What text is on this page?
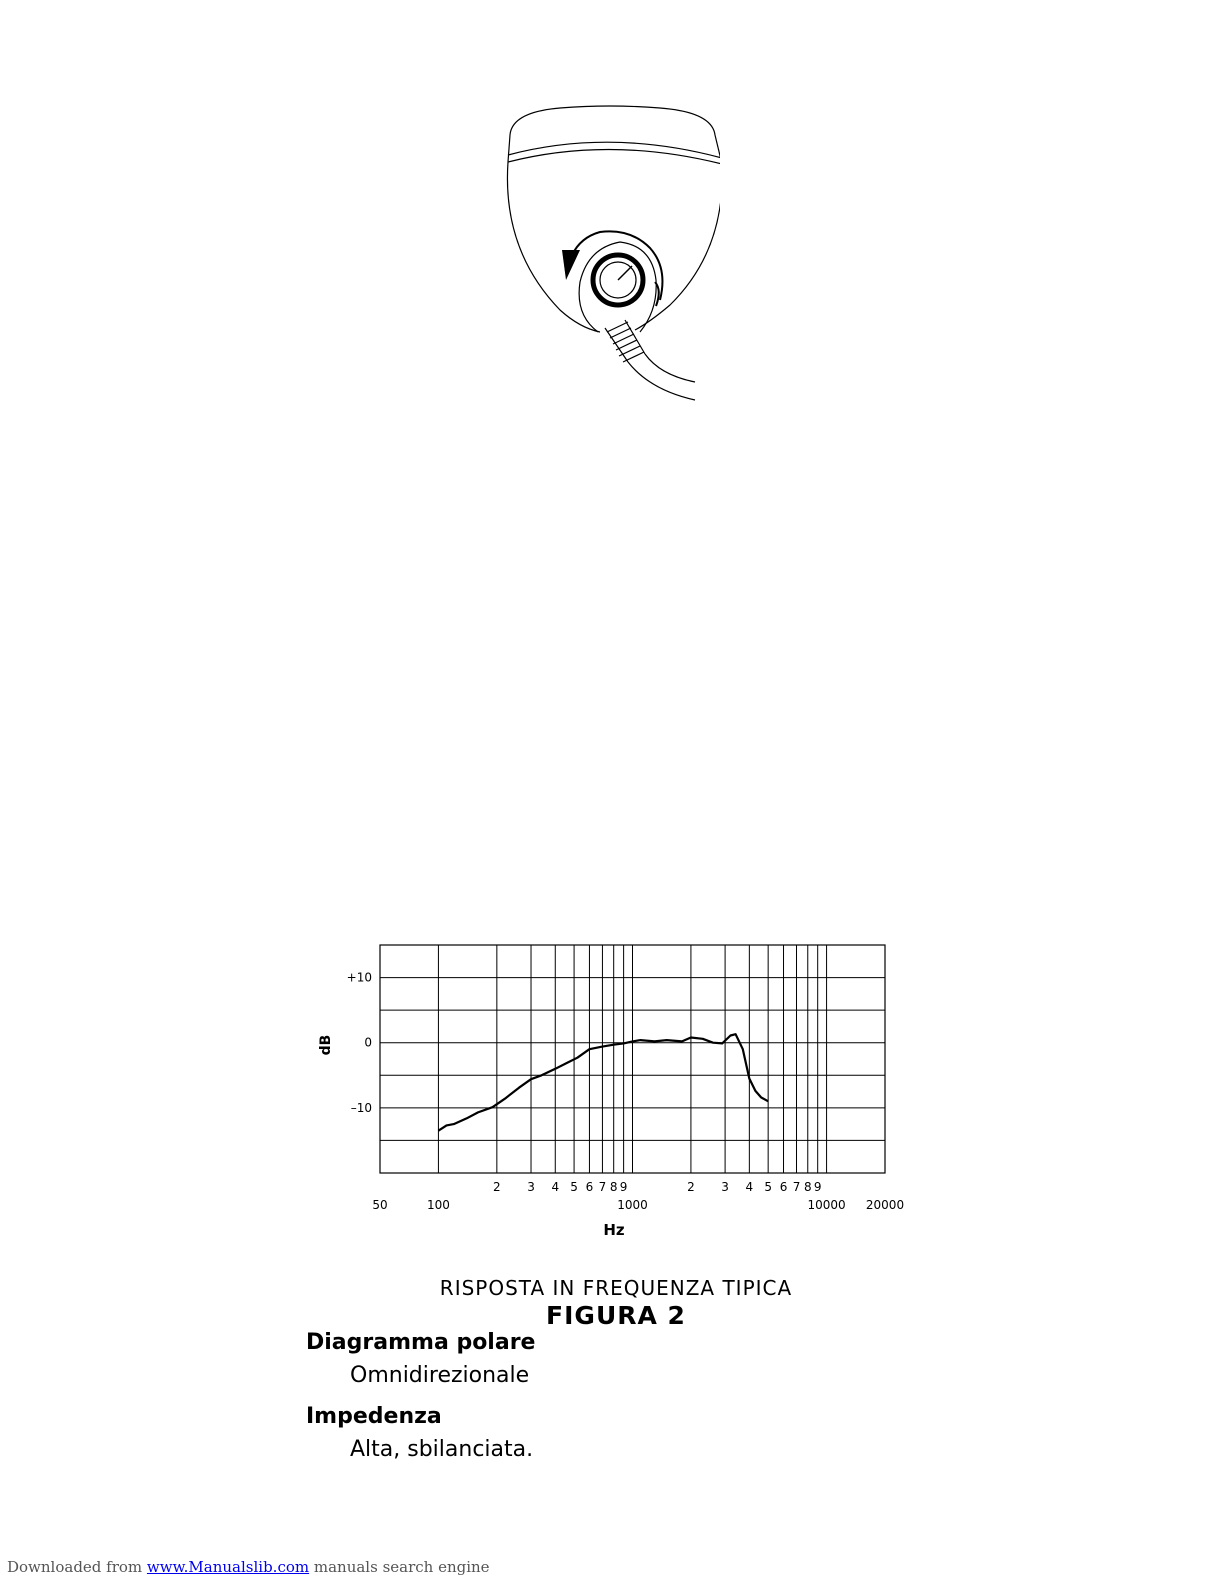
+10
0
–10
2 3 4 5 6 7 8 9	2 3 4 5 6 7 8 9
50	100	1000	10000 20000
dB
Hz
RISPOSTA IN FREQUENZA TIPICA
FIGURA 2
Diagramma polare
Omnidirezionale
Impedenza
Alta, sbilanciata.
Downloaded from www.Manualslib.com manuals search engine
